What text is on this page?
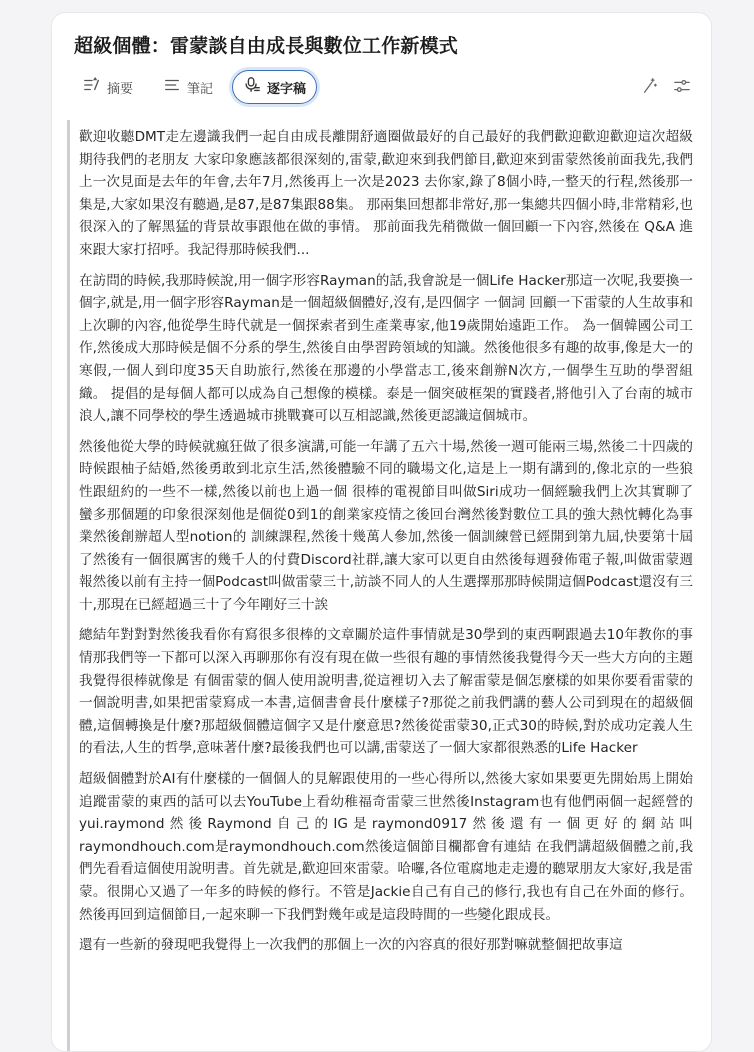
超級個體：雷蒙談自由成長與數位工作新模式
摘要	筆記	逐字稿

歡迎收聽DMT走左邊識我們一起自由成長離開舒適圈做最好的自己最好的我們歡迎歡迎歡迎這次超級期待我們的老朋友 大家印象應該都很深刻的,雷蒙,歡迎來到我們節目,歡迎來到雷蒙然後前面我先,我們上一次見面是去年的年會,去年7月,然後再上一次是2023 去你家,錄了8個小時,一整天的行程,然後那一集是,大家如果沒有聽過,是87,是87集跟88集。 那兩集回想都非常好,那一集總共四個小時,非常精彩,也很深入的了解黑猛的背景故事跟他在做的事情。 那前面我先稍微做一個回顧一下內容,然後在 Q&A 進來跟大家打招呼。我記得那時候我們...

在訪問的時候,我那時候說,用一個字形容Rayman的話,我會說是一個Life Hacker那這一次呢,我要換一個字,就是,用一個字形容Rayman是一個超級個體好,沒有,是四個字 一個詞 回顧一下雷蒙的人生故事和上次聊的內容,他從學生時代就是一個探索者到生產業專家,他19歲開始遠距工作。 為一個韓國公司工作,然後成大那時候是個不分系的學生,然後自由學習跨領域的知識。然後他很多有趣的故事,像是大一的寒假,一個人到印度35天自助旅行,然後在那邊的小學當志工,後來創辦N次方,一個學生互助的學習組織。 提倡的是每個人都可以成為自己想像的模樣。泰是一個突破框架的實踐者,將他引入了台南的城市浪人,讓不同學校的學生透過城市挑戰賽可以互相認識,然後更認識這個城市。

然後他從大學的時候就瘋狂做了很多演講,可能一年講了五六十場,然後一週可能兩三場,然後二十四歲的時候跟柚子結婚,然後勇敢到北京生活,然後體驗不同的職場文化,這是上一期有講到的,像北京的一些狼性跟紐約的一些不一樣,然後以前也上過一個 很棒的電視節目叫做Siri成功一個經驗我們上次其實聊了蠻多那個題的印象很深刻他是個從0到1的創業家疫情之後回台灣然後對數位工具的強大熱忱轉化為事業然後創辦超人型notion的 訓練課程,然後十幾萬人參加,然後一個訓練營已經開到第九屆,快要第十屆了然後有一個很厲害的幾千人的付費Discord社群,讓大家可以更自由然後每週發佈電子報,叫做雷蒙週報然後以前有主持一個Podcast叫做雷蒙三十,訪談不同人的人生選擇那那時候開這個Podcast還沒有三十,那現在已經超過三十了今年剛好三十誒

總結年對對對然後我看你有寫很多很棒的文章關於這件事情就是30學到的東西啊跟過去10年教你的事情那我們等一下都可以深入再聊那你有沒有現在做一些很有趣的事情然後我覺得今天一些大方向的主題我覺得很棒就像是 有個雷蒙的個人使用說明書,從這裡切入去了解雷蒙是個怎麼樣的如果你要看雷蒙的一個說明書,如果把雷蒙寫成一本書,這個書會長什麼樣子?那從之前我們講的藝人公司到現在的超級個體,這個轉換是什麼?那超級個體這個字又是什麼意思?然後從雷蒙30,正式30的時候,對於成功定義人生的看法,人生的哲學,意味著什麼?最後我們也可以講,雷蒙送了一個大家都很熟悉的Life Hacker

超級個體對於AI有什麼樣的一個個人的見解跟使用的一些心得所以,然後大家如果要更先開始馬上開始追蹤雷蒙的東西的話可以去YouTube上看幼稚福奇雷蒙三世然後Instagram也有他們兩個一起經營的yui.raymond然後Raymond自己的IG是raymond0917然後還有一個更好的網站叫raymondhouch.com是raymondhouch.com然後這個節目欄都會有連結 在我們講超級個體之前,我們先看看這個使用說明書。首先就是,歡迎回來雷蒙。哈囉,各位電腐地走走邊的聽眾朋友大家好,我是雷蒙。很開心又過了一年多的時候的修行。不管是Jackie自己有自己的修行,我也有自己在外面的修行。然後再回到這個節目,一起來聊一下我們對幾年或是這段時間的一些變化跟成長。

還有一些新的發現吧我覺得上一次我們的那個上一次的內容真的很好那對嘛就整個把故事這
